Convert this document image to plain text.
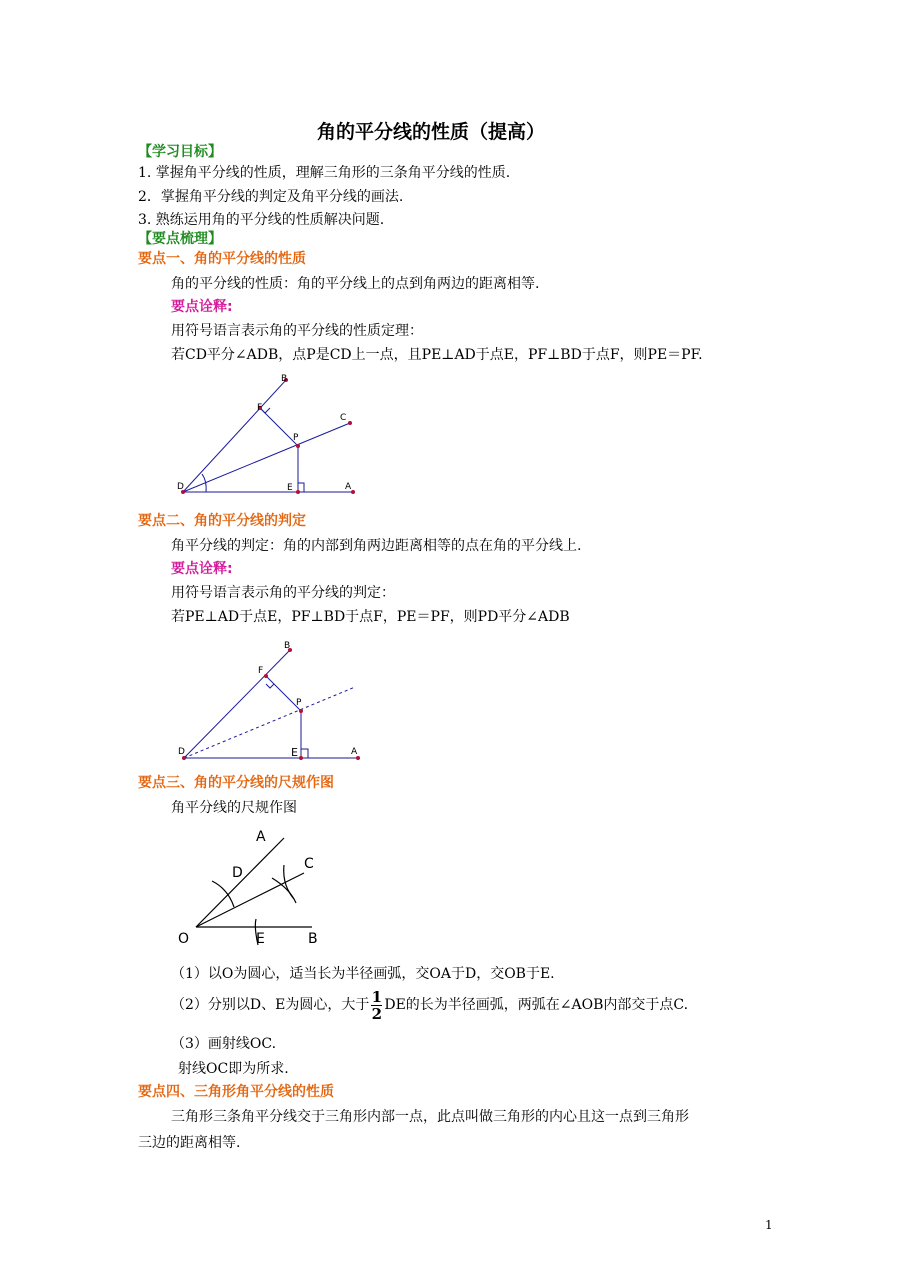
角的平分线的性质（提高）
【学习目标】
1. 掌握角平分线的性质，理解三角形的三条角平分线的性质.
2．掌握角平分线的判定及角平分线的画法.
3. 熟练运用角的平分线的性质解决问题.
【要点梳理】
要点一、角的平分线的性质
角的平分线的性质：角的平分线上的点到角两边的距离相等.
要点诠释:
用符号语言表示角的平分线的性质定理：
若CD平分∠ADB，点P是CD上一点，且PE⊥AD于点E，PF⊥BD于点F，则PE＝PF.
B
C
F
P
D	E	A
要点二、角的平分线的判定
角平分线的判定：角的内部到角两边距离相等的点在角的平分线上.
要点诠释:
用符号语言表示角的平分线的判定：
若PE⊥AD于点E，PF⊥BD于点F，PE＝PF，则PD平分∠ADB
B
F
P
D	E	A
要点三、角的平分线的尺规作图
角平分线的尺规作图
A
C
D
O	E	B
（1）以O为圆心，适当长为半径画弧，交OA于D，交OB于E.
（2）分别以D、E为圆心，大于 $\frac{1}{2}$ DE的长为半径画弧，两弧在∠AOB内部交于点C.
（3）画射线OC.
射线OC即为所求.
要点四、三角形角平分线的性质
三角形三条角平分线交于三角形内部一点，此点叫做三角形的内心且这一点到三角形
三边的距离相等.
1
